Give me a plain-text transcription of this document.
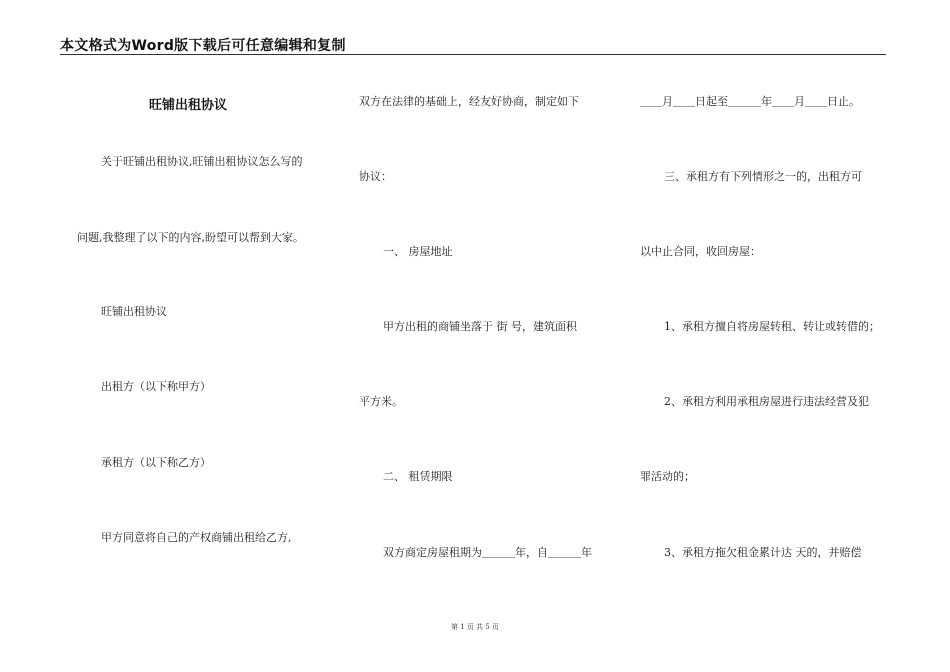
本文格式为Word版下载后可任意编辑和复制
旺铺出租协议
关于旺铺出租协议,旺铺出租协议怎么写的
问题,我整理了以下的内容,盼望可以帮到大家。
旺铺出租协议
出租方（以下称甲方）
承租方（以下称乙方）
甲方同意将自己的产权商铺出租给乙方,
双方在法律的基础上，经友好协商，制定如下
协议：
一、 房屋地址
甲方出租的商铺坐落于 街 号，建筑面积
平方米。
二、 租赁期限
双方商定房屋租期为＿＿＿年，自＿＿＿年
＿＿月＿＿日起至＿＿＿年＿＿月＿＿日止。
三、承租方有下列情形之一的，出租方可
以中止合同，收回房屋：
1、承租方擅自将房屋转租、转让或转借的；
2、承租方利用承租房屋进行违法经营及犯
罪活动的；
3、承租方拖欠租金累计达 天的，并赔偿
第 1 页 共 5 页
